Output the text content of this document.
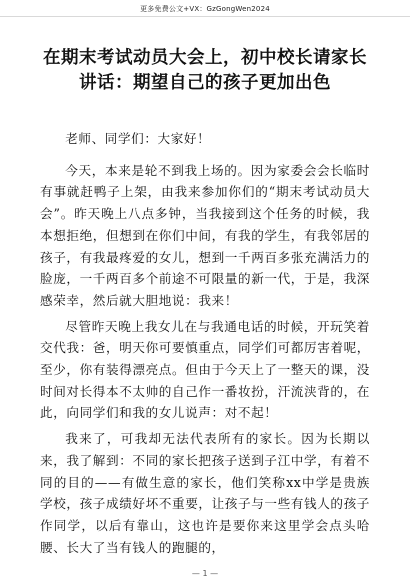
更多免费公文+VX：GzGongWen2024
在期末考试动员大会上，初中校长请家长讲话：期望自己的孩子更加出色

老师、同学们：大家好！

今天，本来是轮不到我上场的。因为家委会会长临时有事就赶鸭子上架，由我来参加你们的“期末考试动员大会”。昨天晚上八点多钟，当我接到这个任务的时候，我本想拒绝，但想到在你们中间，有我的学生，有我邻居的孩子，有我最疼爱的女儿，想到一千两百多张充满活力的脸庞，一千两百多个前途不可限量的新一代，于是，我深感荣幸，然后就大胆地说：我来！

尽管昨天晚上我女儿在与我通电话的时候，开玩笑着交代我：爸，明天你可要慎重点，同学们可都厉害着呢，至少，你有装得漂亮点。但由于今天上了一整天的课，没时间对长得本不太帅的自己作一番妆扮，汗流浃背的，在此，向同学们和我的女儿说声：对不起！

我来了，可我却无法代表所有的家长。因为长期以来，我了解到：不同的家长把孩子送到子江中学，有着不同的目的——有做生意的家长，他们笑称xx中学是贵族学校，孩子成绩好坏不重要，让孩子与一些有钱人的孩子作同学，以后有靠山，这也许是要你来这里学会点头哈腰、长大了当有钱人的跑腿的，

— 1 —
